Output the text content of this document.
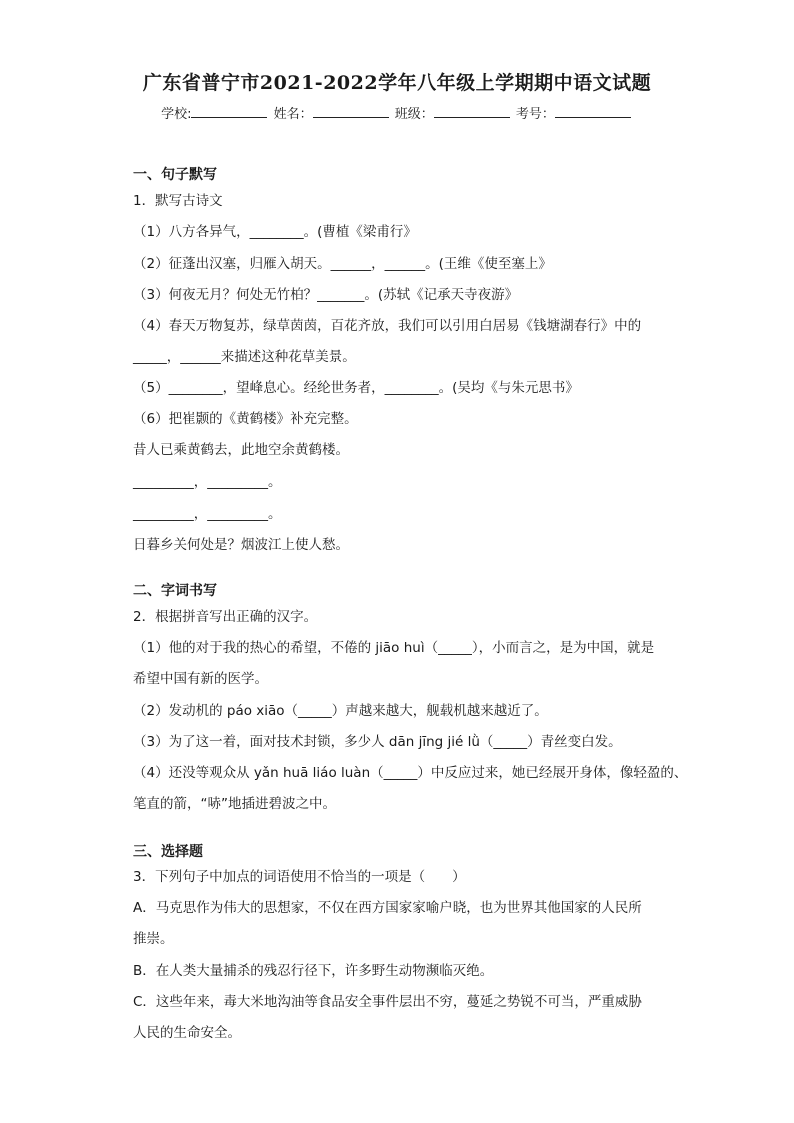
广东省普宁市2021-2022学年八年级上学期期中语文试题
学校:	姓名：	班级：	考号：
一、句子默写
1．默写古诗文
（1）八方各异气，________。(曹植《梁甫行》
（2）征蓬出汉塞，归雁入胡天。______，______。(王维《使至塞上》
（3）何夜无月？何处无竹柏？_______。(苏轼《记承天寺夜游》
（4）春天万物复苏，绿草茵茵，百花齐放，我们可以引用白居易《钱塘湖春行》中的
_____，______来描述这种花草美景。
（5）________，望峰息心。经纶世务者，________。(吴均《与朱元思书》
（6）把崔颢的《黄鹤楼》补充完整。
昔人已乘黄鹤去，此地空余黄鹤楼。
_________，_________。
_________，_________。
日暮乡关何处是？烟波江上使人愁。
二、字词书写
2．根据拼音写出正确的汉字。
（1）他的对于我的热心的希望，不倦的 jiāo huì（_____），小而言之，是为中国，就是
希望中国有新的医学。
（2）发动机的 páo xiāo（_____）声越来越大，舰载机越来越近了。
（3）为了这一着，面对技术封锁，多少人 dān jīng jié lǜ（_____）青丝变白发。
（4）还没等观众从 yǎn huā liáo luàn（_____）中反应过来，她已经展开身体，像轻盈的、
笔直的箭，“哧”地插进碧波之中。
三、选择题
3．下列句子中加点的词语使用不恰当的一项是（　　）
A．马克思作为伟大的思想家，不仅在西方国家家喻户晓，也为世界其他国家的人民所
推崇。
B．在人类大量捕杀的残忍行径下，许多野生动物濒临灭绝。
C．这些年来，毒大米地沟油等食品安全事件层出不穷，蔓延之势锐不可当，严重威胁
人民的生命安全。
